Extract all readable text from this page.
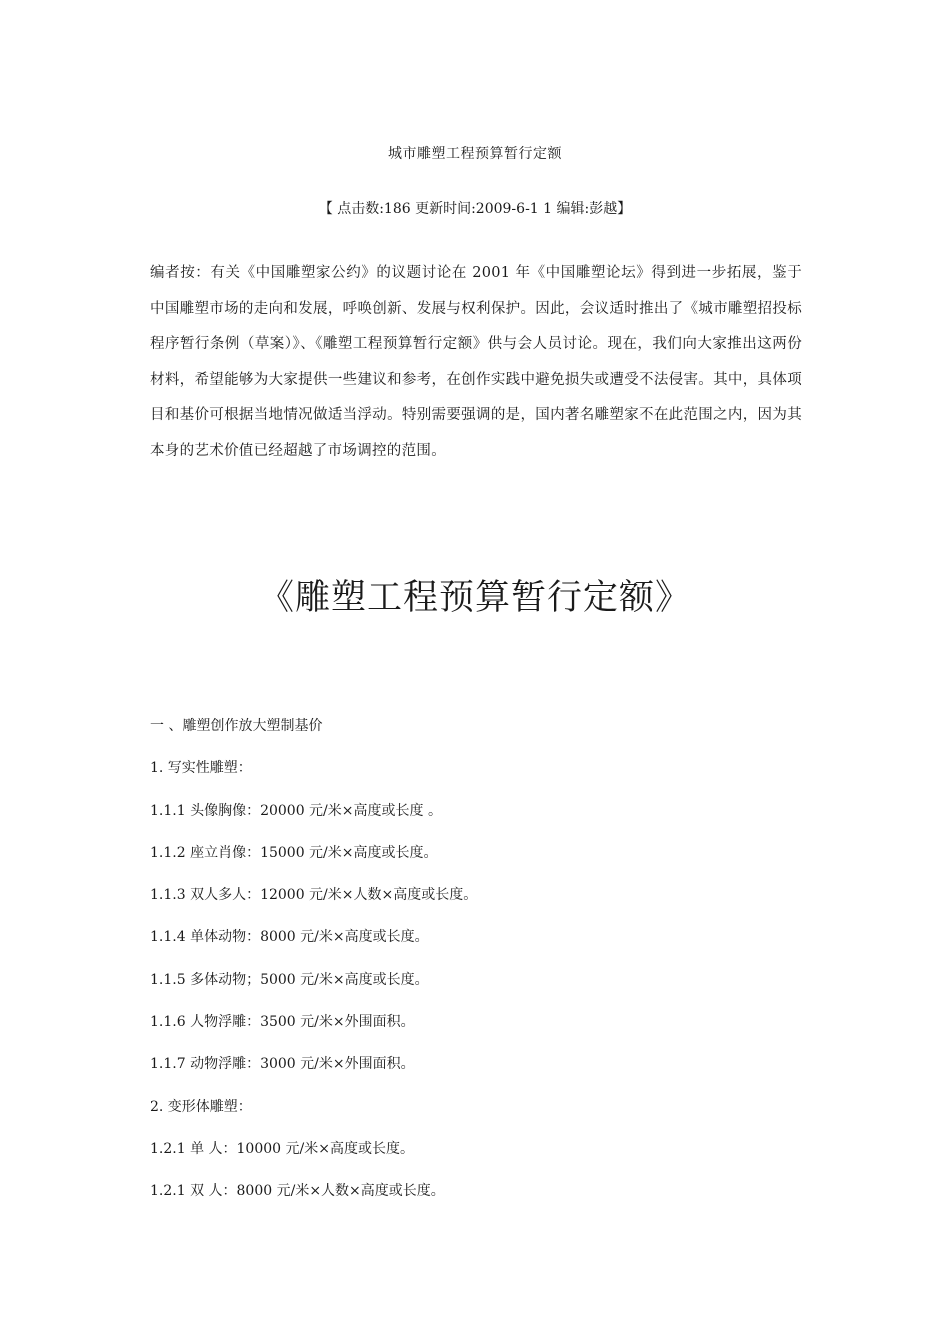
城市雕塑工程预算暂行定额
【 点击数:186 更新时间:2009-6-1 1 编辑:彭越】
编者按：有关《中国雕塑家公约》的议题讨论在 2001 年《中国雕塑论坛》得到进一步拓展，鉴于中国雕塑市场的走向和发展，呼唤创新、发展与权利保护。因此，会议适时推出了《城市雕塑招投标程序暂行条例（草案）》、《雕塑工程预算暂行定额》供与会人员讨论。现在，我们向大家推出这两份材料，希望能够为大家提供一些建议和参考，在创作实践中避免损失或遭受不法侵害。其中，具体项目和基价可根据当地情况做适当浮动。特别需要强调的是，国内著名雕塑家不在此范围之内，因为其本身的艺术价值已经超越了市场调控的范围。
《雕塑工程预算暂行定额》
一 、雕塑创作放大塑制基价
1. 写实性雕塑：
1.1.1 头像胸像：20000 元/米×高度或长度 。
1.1.2 座立肖像：15000 元/米×高度或长度。
1.1.3 双人多人：12000 元/米×人数×高度或长度。
1.1.4 单体动物：8000 元/米×高度或长度。
1.1.5 多体动物；5000 元/米×高度或长度。
1.1.6 人物浮雕：3500 元/米×外围面积。
1.1.7 动物浮雕：3000 元/米×外围面积。
2. 变形体雕塑：
1.2.1 单 人：10000 元/米×高度或长度。
1.2.1 双 人：8000 元/米×人数×高度或长度。
